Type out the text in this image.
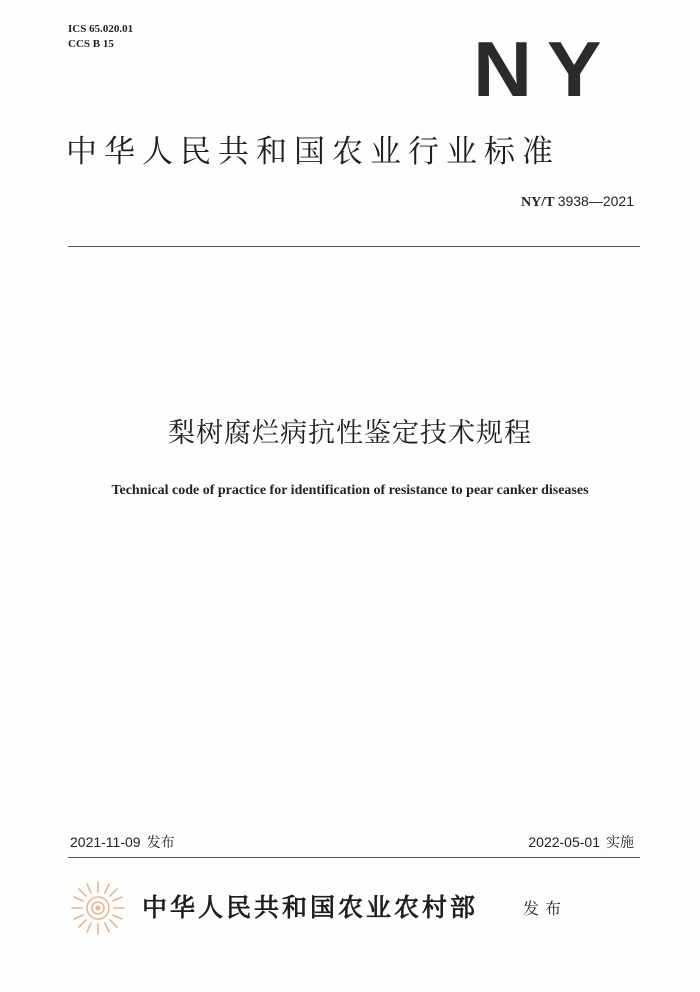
ICS 65.020.01
CCS B 15	NY
中华人民共和国农业行业标准
NY/T 3938—2021
梨树腐烂病抗性鉴定技术规程
Technical code of practice for identification of resistance to pear canker diseases
2021-11-09 发布	2022-05-01 实施
中华人民共和国农业农村部	发布
